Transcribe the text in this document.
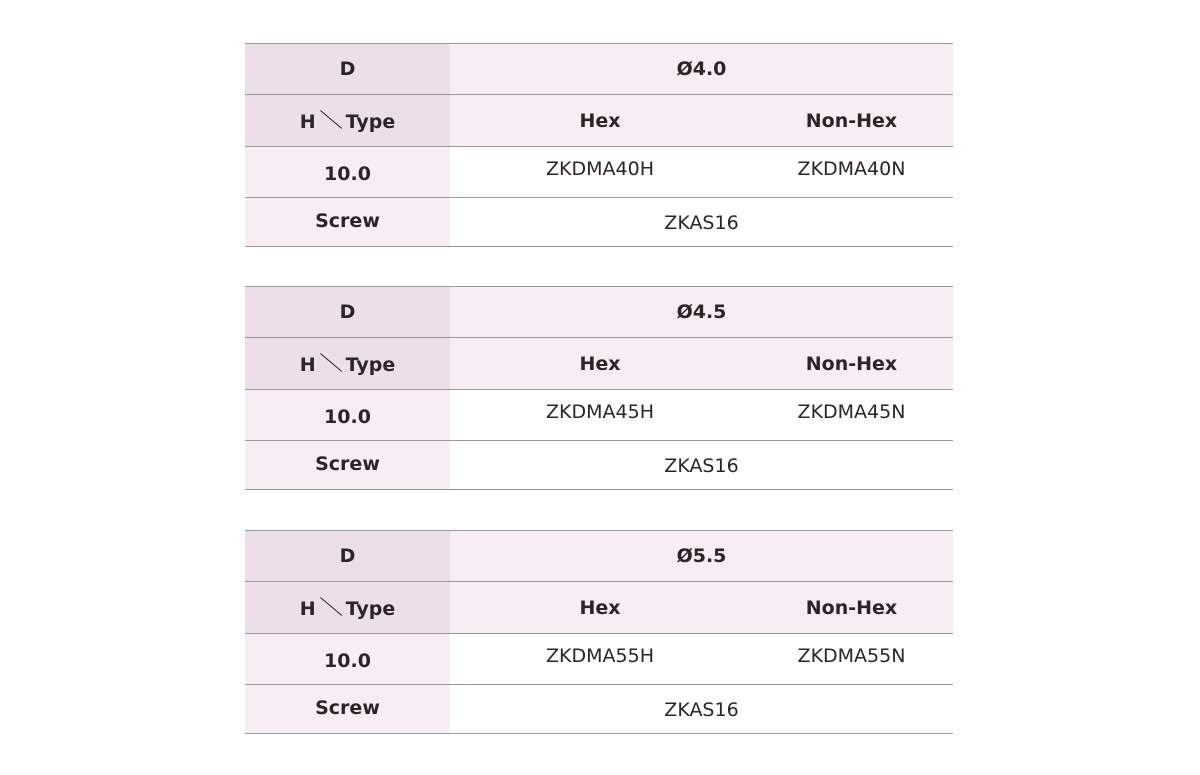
D	Ø4.0	
H Type	Hex	Non-Hex
10.0	ZKDMA40H	ZKDMA40N
Screw	ZKAS16	
D	Ø4.5	
H Type	Hex	Non-Hex
10.0	ZKDMA45H	ZKDMA45N
Screw	ZKAS16	
D	Ø5.5	
H Type	Hex	Non-Hex
10.0	ZKDMA55H	ZKDMA55N
Screw	ZKAS16	
